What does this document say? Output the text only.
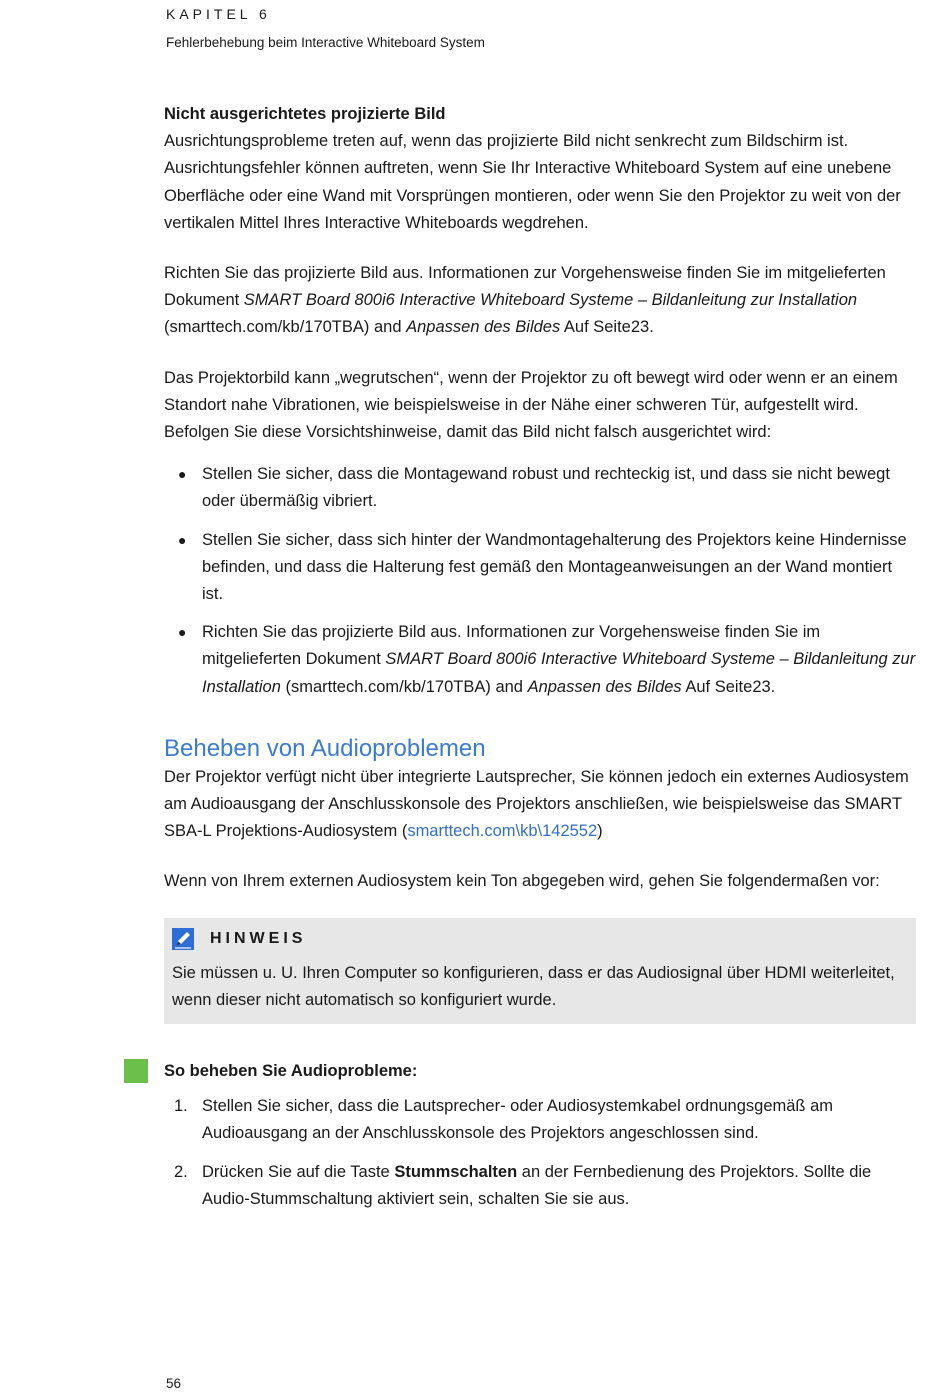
KAPITEL 6
Fehlerbehebung beim Interactive Whiteboard System

Nicht ausgerichtetes projizierte Bild

Ausrichtungsprobleme treten auf, wenn das projizierte Bild nicht senkrecht zum Bildschirm ist. Ausrichtungsfehler können auftreten, wenn Sie Ihr Interactive Whiteboard System auf eine unebene Oberfläche oder eine Wand mit Vorsprüngen montieren, oder wenn Sie den Projektor zu weit von der vertikalen Mittel Ihres Interactive Whiteboards wegdrehen.

Richten Sie das projizierte Bild aus. Informationen zur Vorgehensweise finden Sie im mitgelieferten Dokument SMART Board 800i6 Interactive Whiteboard Systeme – Bildanleitung zur Installation (smarttech.com/kb/170TBA) and Anpassen des Bildes Auf Seite23.

Das Projektorbild kann „wegrutschen“, wenn der Projektor zu oft bewegt wird oder wenn er an einem Standort nahe Vibrationen, wie beispielsweise in der Nähe einer schweren Tür, aufgestellt wird. Befolgen Sie diese Vorsichtshinweise, damit das Bild nicht falsch ausgerichtet wird:

● Stellen Sie sicher, dass die Montagewand robust und rechteckig ist, und dass sie nicht bewegt oder übermäßig vibriert.
● Stellen Sie sicher, dass sich hinter der Wandmontagehalterung des Projektors keine Hindernisse befinden, und dass die Halterung fest gemäß den Montageanweisungen an der Wand montiert ist.
● Richten Sie das projizierte Bild aus. Informationen zur Vorgehensweise finden Sie im mitgelieferten Dokument SMART Board 800i6 Interactive Whiteboard Systeme – Bildanleitung zur Installation (smarttech.com/kb/170TBA) and Anpassen des Bildes Auf Seite23.
Beheben von Audioproblemen

Der Projektor verfügt nicht über integrierte Lautsprecher, Sie können jedoch ein externes Audiosystem am Audioausgang der Anschlusskonsole des Projektors anschließen, wie beispielsweise das SMART SBA-L Projektions-Audiosystem (smarttech.com\kb\142552)

Wenn von Ihrem externen Audiosystem kein Ton abgegeben wird, gehen Sie folgendermaßen vor:

HINWEIS

Sie müssen u. U. Ihren Computer so konfigurieren, dass er das Audiosignal über HDMI weiterleitet, wenn dieser nicht automatisch so konfiguriert wurde.

So beheben Sie Audioprobleme:

1. Stellen Sie sicher, dass die Lautsprecher- oder Audiosystemkabel ordnungsgemäß am Audioausgang an der Anschlusskonsole des Projektors angeschlossen sind.
2. Drücken Sie auf die Taste Stummschalten an der Fernbedienung des Projektors. Sollte die Audio-Stummschaltung aktiviert sein, schalten Sie sie aus.
56
